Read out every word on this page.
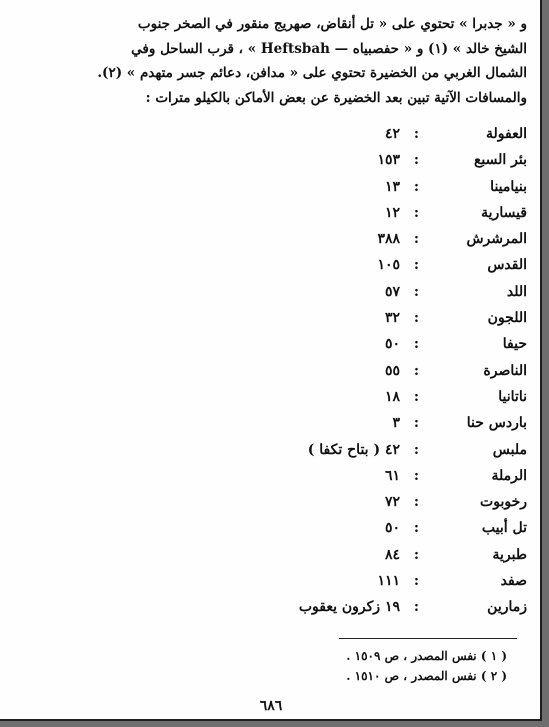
و « جدبرا » تحتوي على « تل أنقاض، صهريج منقور في الصخر جنوب
الشيخ خالد » (١) و « حفصبياه — Heftsbah » ، قرب الساحل وفي
الشمال الغربي من الخضيرة تحتوي على « مدافن، دعائم جسر متهدم » (٢).
والمسافات الآتية تبين بعد الخضيرة عن بعض الأماكن بالكيلو مترات :
العفولة
:
٤٢
بئر السبع
:
١٥٣
بنيامينا
:
١٣
قيسارية
:
١٢
المرشرش
:
٣٨٨
القدس
:
١٠٥
اللد
:
٥٧
اللجون
:
٣٢
حيفا
:
٥٠
الناصرة
:
٥٥
ناتانيا
:
١٨
باردس حنا
:
٣
ملبس
:
٤٢ ( بتاح تكفا )
الرملة
:
٦١
رخوبوت
:
٧٢
تل أبيب
:
٥٠
طبرية
:
٨٤
صفد
:
١١١
زمارين
:
١٩ زكرون يعقوب
( ١ ) نفس المصدر ، ص ١٥٠٩ .
( ٢ ) نفس المصدر ، ص ١٥١٠ .
٦٨٦
